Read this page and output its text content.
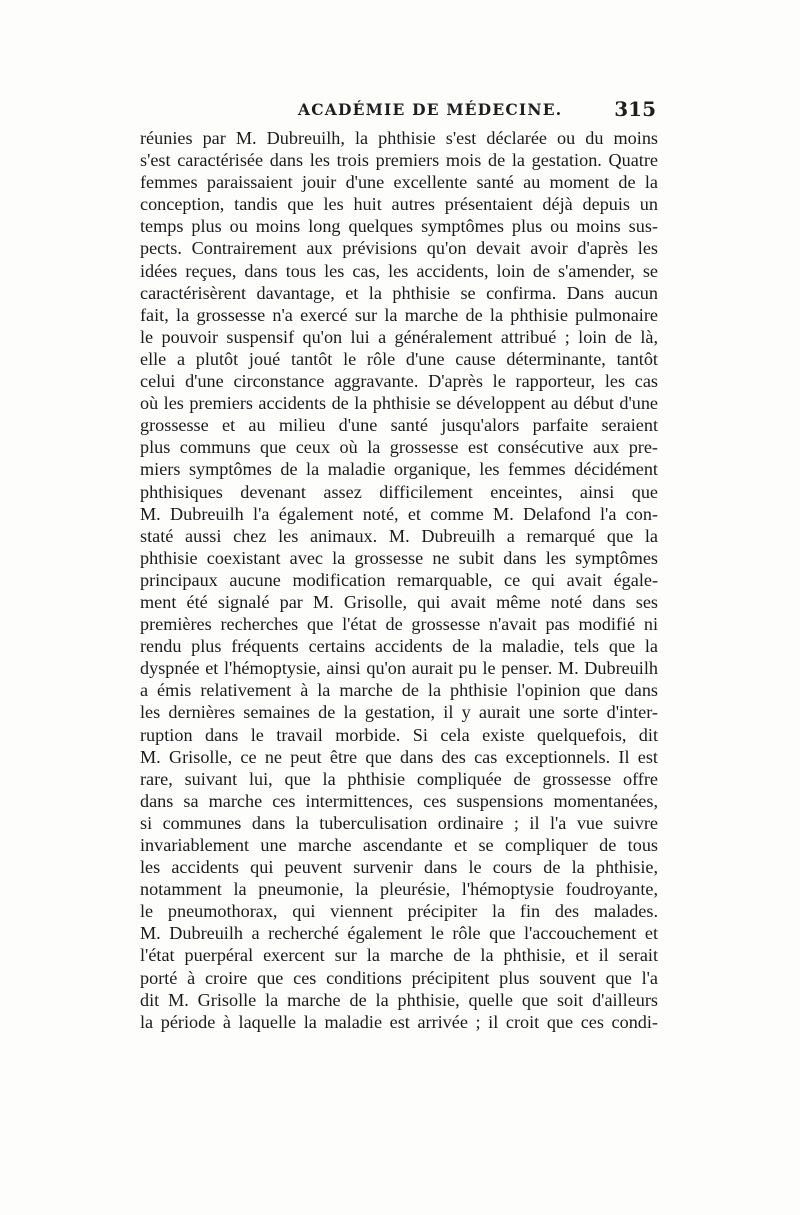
ACADÉMIE DE MÉDECINE.	315
réunies par M. Dubreuilh, la phthisie s'est déclarée ou du moins
s'est caractérisée dans les trois premiers mois de la gestation. Quatre
femmes paraissaient jouir d'une excellente santé au moment de la
conception, tandis que les huit autres présentaient déjà depuis un
temps plus ou moins long quelques symptômes plus ou moins sus-
pects. Contrairement aux prévisions qu'on devait avoir d'après les
idées reçues, dans tous les cas, les accidents, loin de s'amender, se
caractérisèrent davantage, et la phthisie se confirma. Dans aucun
fait, la grossesse n'a exercé sur la marche de la phthisie pulmonaire
le pouvoir suspensif qu'on lui a généralement attribué ; loin de là,
elle a plutôt joué tantôt le rôle d'une cause déterminante, tantôt
celui d'une circonstance aggravante. D'après le rapporteur, les cas
où les premiers accidents de la phthisie se développent au début d'une
grossesse et au milieu d'une santé jusqu'alors parfaite seraient
plus communs que ceux où la grossesse est consécutive aux pre-
miers symptômes de la maladie organique, les femmes décidément
phthisiques devenant assez difficilement enceintes, ainsi que
M. Dubreuilh l'a également noté, et comme M. Delafond l'a con-
staté aussi chez les animaux. M. Dubreuilh a remarqué que la
phthisie coexistant avec la grossesse ne subit dans les symptômes
principaux aucune modification remarquable, ce qui avait égale-
ment été signalé par M. Grisolle, qui avait même noté dans ses
premières recherches que l'état de grossesse n'avait pas modifié ni
rendu plus fréquents certains accidents de la maladie, tels que la
dyspnée et l'hémoptysie, ainsi qu'on aurait pu le penser. M. Dubreuilh
a émis relativement à la marche de la phthisie l'opinion que dans
les dernières semaines de la gestation, il y aurait une sorte d'inter-
ruption dans le travail morbide. Si cela existe quelquefois, dit
M. Grisolle, ce ne peut être que dans des cas exceptionnels. Il est
rare, suivant lui, que la phthisie compliquée de grossesse offre
dans sa marche ces intermittences, ces suspensions momentanées,
si communes dans la tuberculisation ordinaire ; il l'a vue suivre
invariablement une marche ascendante et se compliquer de tous
les accidents qui peuvent survenir dans le cours de la phthisie,
notamment la pneumonie, la pleurésie, l'hémoptysie foudroyante,
le pneumothorax, qui viennent précipiter la fin des malades.
M. Dubreuilh a recherché également le rôle que l'accouchement et
l'état puerpéral exercent sur la marche de la phthisie, et il serait
porté à croire que ces conditions précipitent plus souvent que l'a
dit M. Grisolle la marche de la phthisie, quelle que soit d'ailleurs
la période à laquelle la maladie est arrivée ; il croit que ces condi-
